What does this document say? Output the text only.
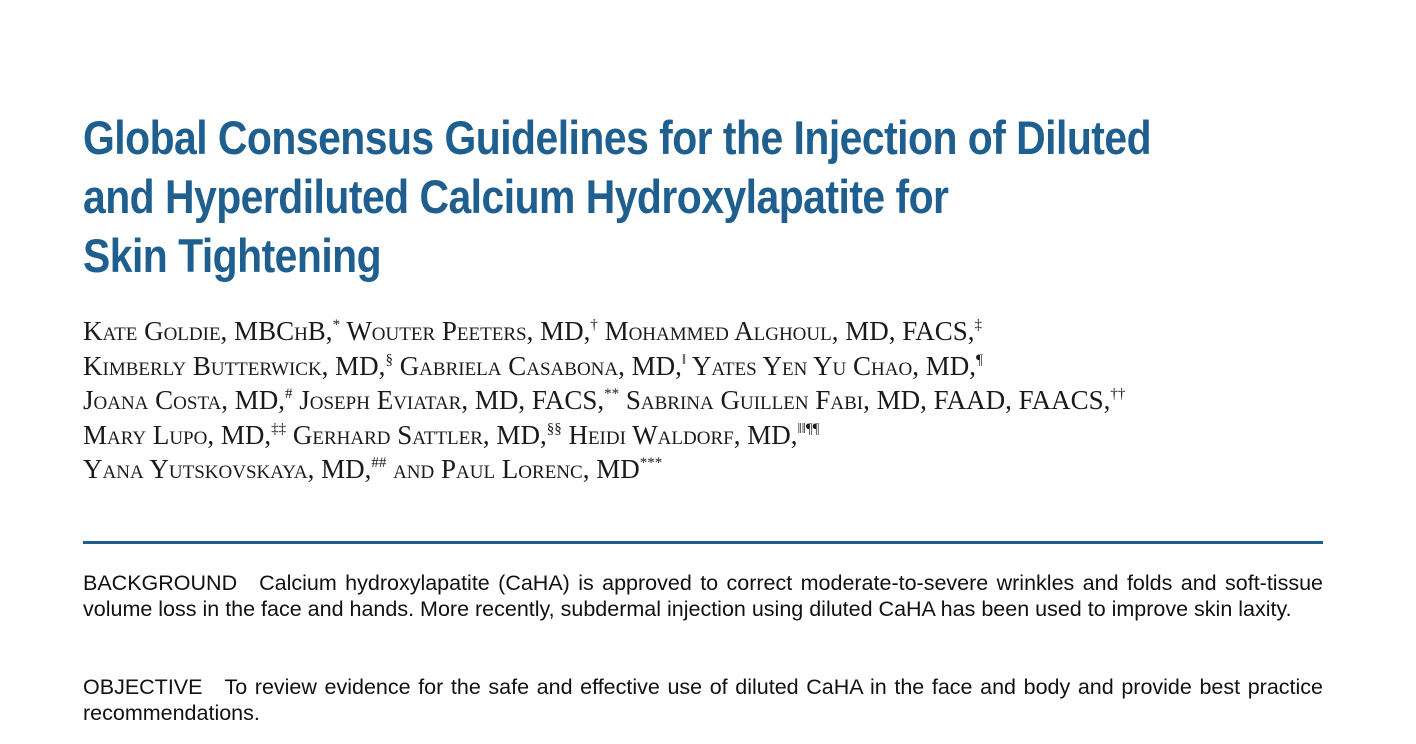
Global Consensus Guidelines for the Injection of Diluted
and Hyperdiluted Calcium Hydroxylapatite for
Skin Tightening
Kate Goldie, MBChB,* Wouter Peeters, MD,† Mohammed Alghoul, MD, FACS,‡
Kimberly Butterwick, MD,§ Gabriela Casabona, MD,‖ Yates Yen Yu Chao, MD,¶
Joana Costa, MD,# Joseph Eviatar, MD, FACS,** Sabrina Guillen Fabi, MD, FAAD, FAACS,††
Mary Lupo, MD,‡‡ Gerhard Sattler, MD,§§ Heidi Waldorf, MD,‖‖¶¶
Yana Yutskovskaya, MD,## and Paul Lorenc, MD***

BACKGROUND Calcium hydroxylapatite (CaHA) is approved to correct moderate-to-severe wrinkles and folds and soft-tissue volume loss in the face and hands. More recently, subdermal injection using diluted CaHA has been used to improve skin laxity.

OBJECTIVE To review evidence for the safe and effective use of diluted CaHA in the face and body and provide best practice recommendations.
